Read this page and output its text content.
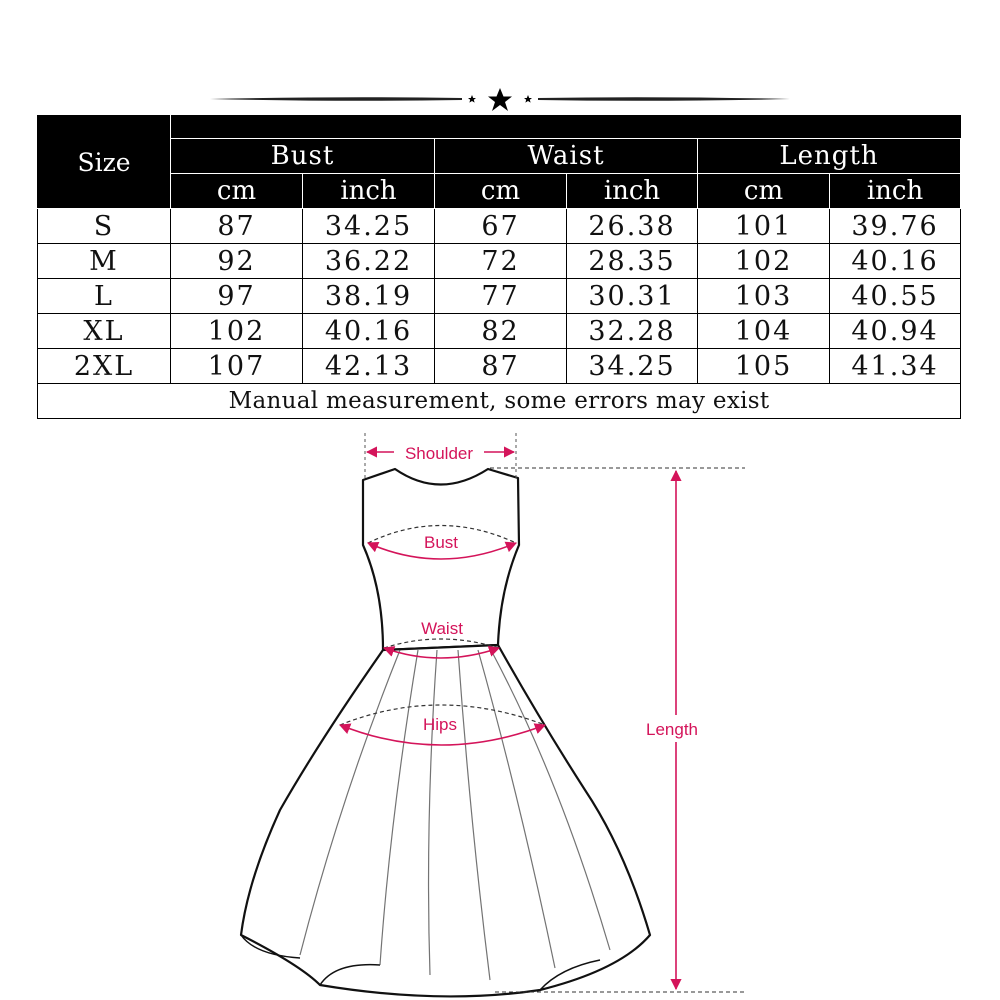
Size						
	Bust		Waist		Length	
	cm	inch	cm	inch	cm	inch
S	87	34.25	67	26.38	101	39.76
M	92	36.22	72	28.35	102	40.16
L	97	38.19	77	30.31	103	40.55
XL	102	40.16	82	32.28	104	40.94
2XL	107	42.13	87	34.25	105	41.34
Manual measurement, some errors may exist						
Shoulder
Bust
Waist
Hips	Length
